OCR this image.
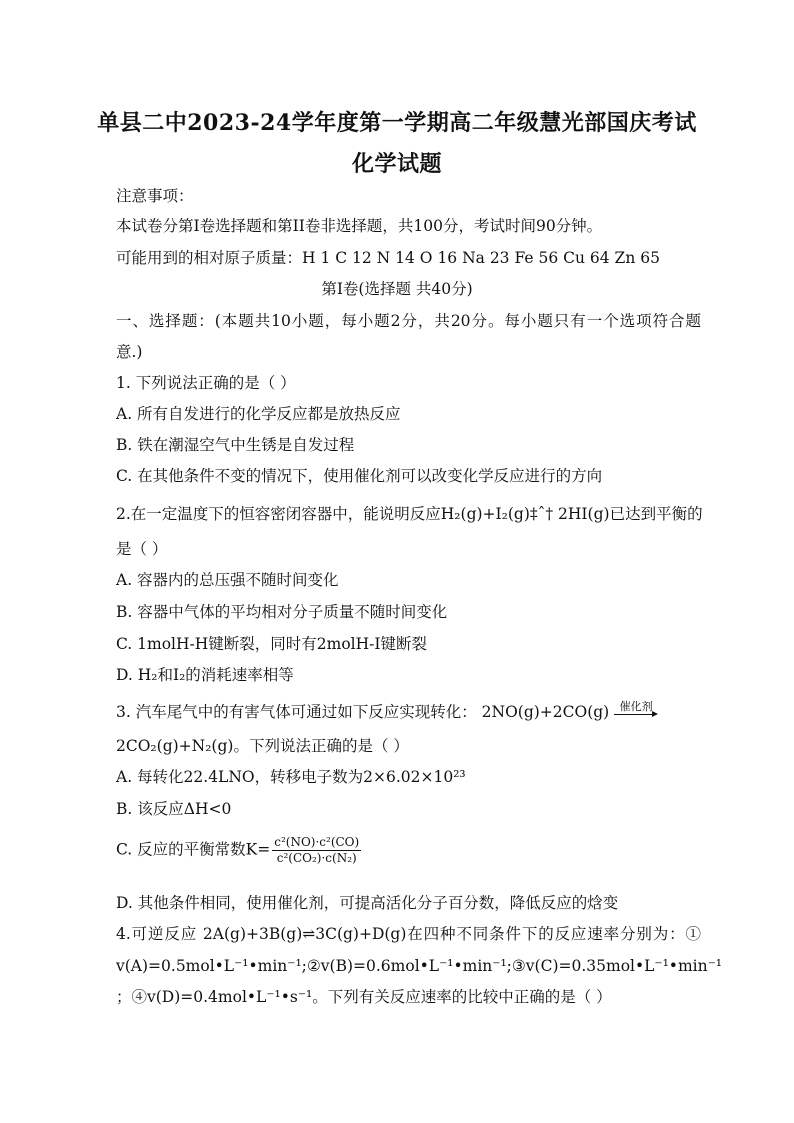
单县二中2023-24学年度第一学期高二年级慧光部国庆考试
化学试题
注意事项：
本试卷分第I卷选择题和第II卷非选择题，共100分，考试时间90分钟。
可能用到的相对原子质量：H 1 C 12 N 14 O 16 Na 23 Fe 56 Cu 64 Zn 65
第I卷(选择题 共40分)
一、选择题：(本题共10小题，每小题2分，共20分。每小题只有一个选项符合题
意.)
1. 下列说法正确的是（ ）
A. 所有自发进行的化学反应都是放热反应
B. 铁在潮湿空气中生锈是自发过程
C. 在其他条件不变的情况下，使用催化剂可以改变化学反应进行的方向
2.在一定温度下的恒容密闭容器中，能说明反应H₂(g)+I₂(g)‡ˆ† 2HI(g)已达到平衡的
是（ ）
A. 容器内的总压强不随时间变化
B. 容器中气体的平均相对分子质量不随时间变化
C. 1molH-H键断裂，同时有2molH-I键断裂
D. H₂和I₂的消耗速率相等
3. 汽车尾气中的有害气体可通过如下反应实现转化： 2NO(g)+2CO(g) 催化剂
2CO₂(g)+N₂(g)。下列说法正确的是（ ）
A. 每转化22.4LNO，转移电子数为2×6.02×10²³
B. 该反应ΔH<0
C. 反应的平衡常数$K= \frac{\text{c²(NO)·c²(CO)}}{\text{c²(CO₂)·c(N₂)}}$
D. 其他条件相同，使用催化剂，可提高活化分子百分数，降低反应的焓变
4.可逆反应 2A(g)+3B(g)⇌3C(g)+D(g)在四种不同条件下的反应速率分别为：①
v(A)=0.5mol•L⁻¹•min⁻¹;②v(B)=0.6mol•L⁻¹•min⁻¹;③v(C)=0.35mol•L⁻¹•min⁻¹
；④v(D)=0.4mol•L⁻¹•s⁻¹。下列有关反应速率的比较中正确的是（ ）
